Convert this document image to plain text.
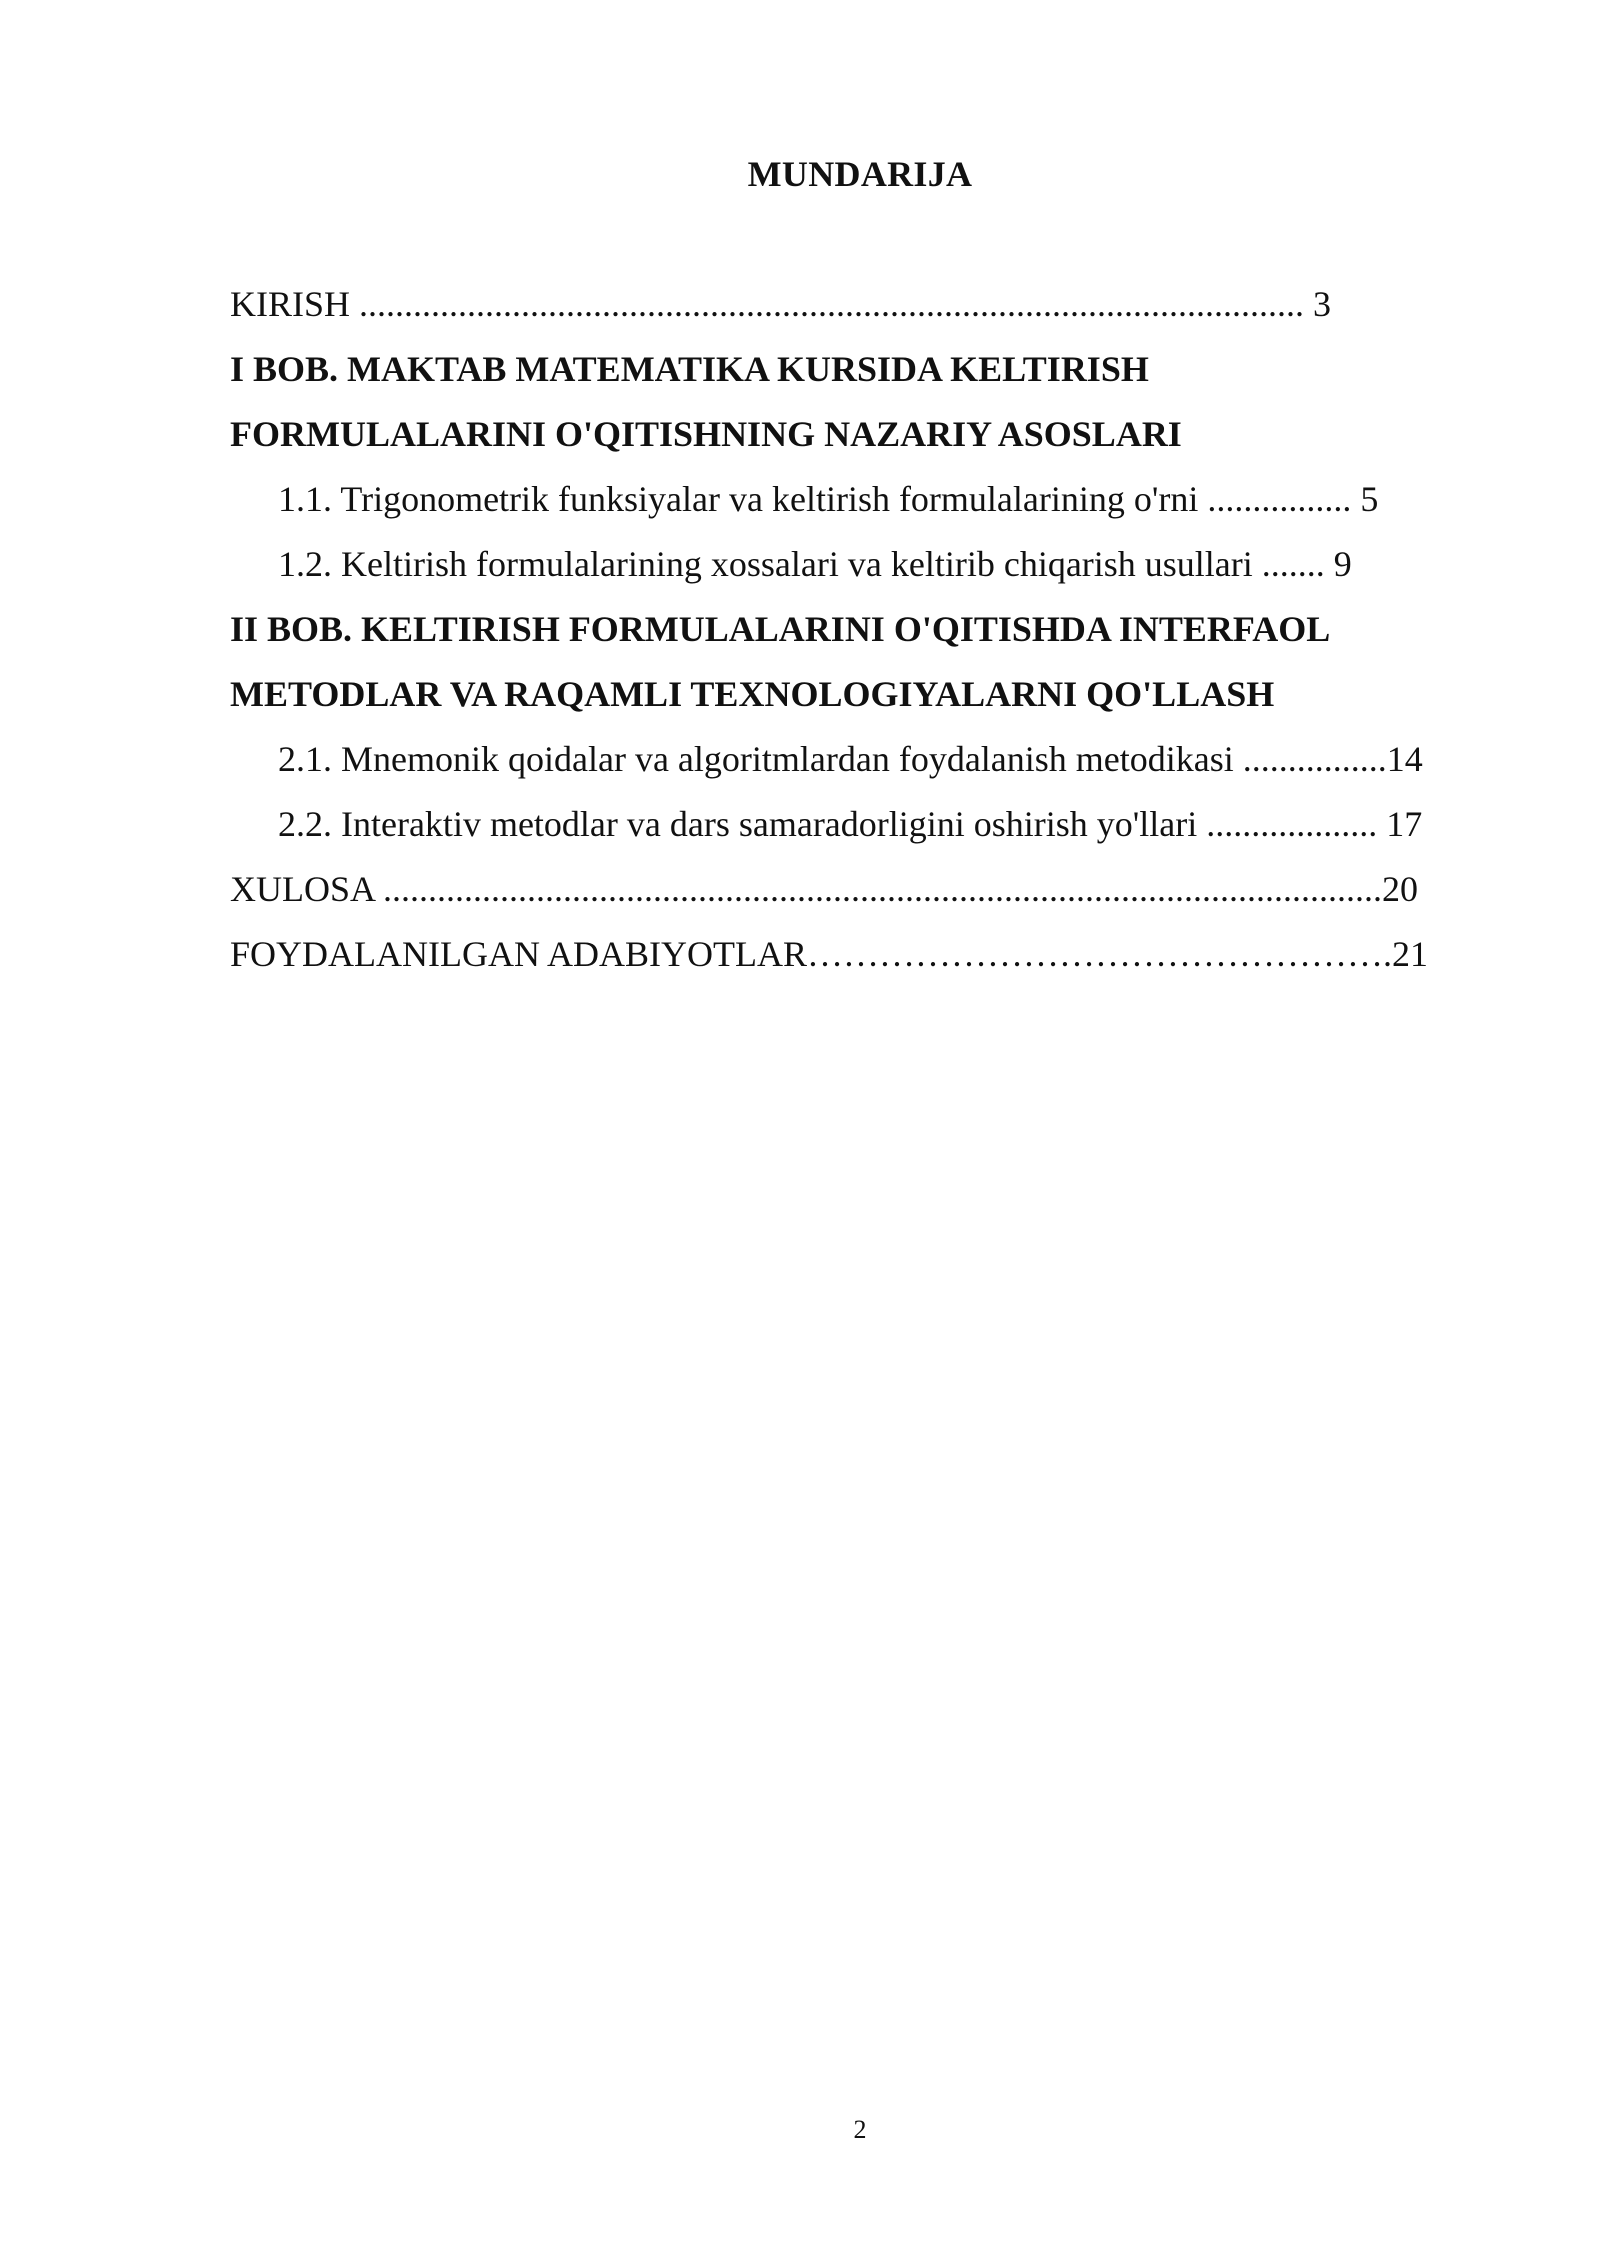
MUNDARIJA
KIRISH ......................................................................................................... 3
I BOB. MAKTAB MATEMATIKA KURSIDA KELTIRISH
FORMULALARINI O'QITISHNING NAZARIY ASOSLARI
1.1. Trigonometrik funksiyalar va keltirish formulalarining o'rni ................ 5
1.2. Keltirish formulalarining xossalari va keltirib chiqarish usullari ....... 9
II BOB. KELTIRISH FORMULALARINI O'QITISHDA INTERFAOL
METODLAR VA RAQAMLI TEXNOLOGIYALARNI QO'LLASH
2.1. Mnemonik qoidalar va algoritmlardan foydalanish metodikasi ................14
2.2. Interaktiv metodlar va dars samaradorligini oshirish yo'llari ................... 17
XULOSA ...............................................................................................................20
FOYDALANILGAN ADABIYOTLAR………………………………………….21
2
